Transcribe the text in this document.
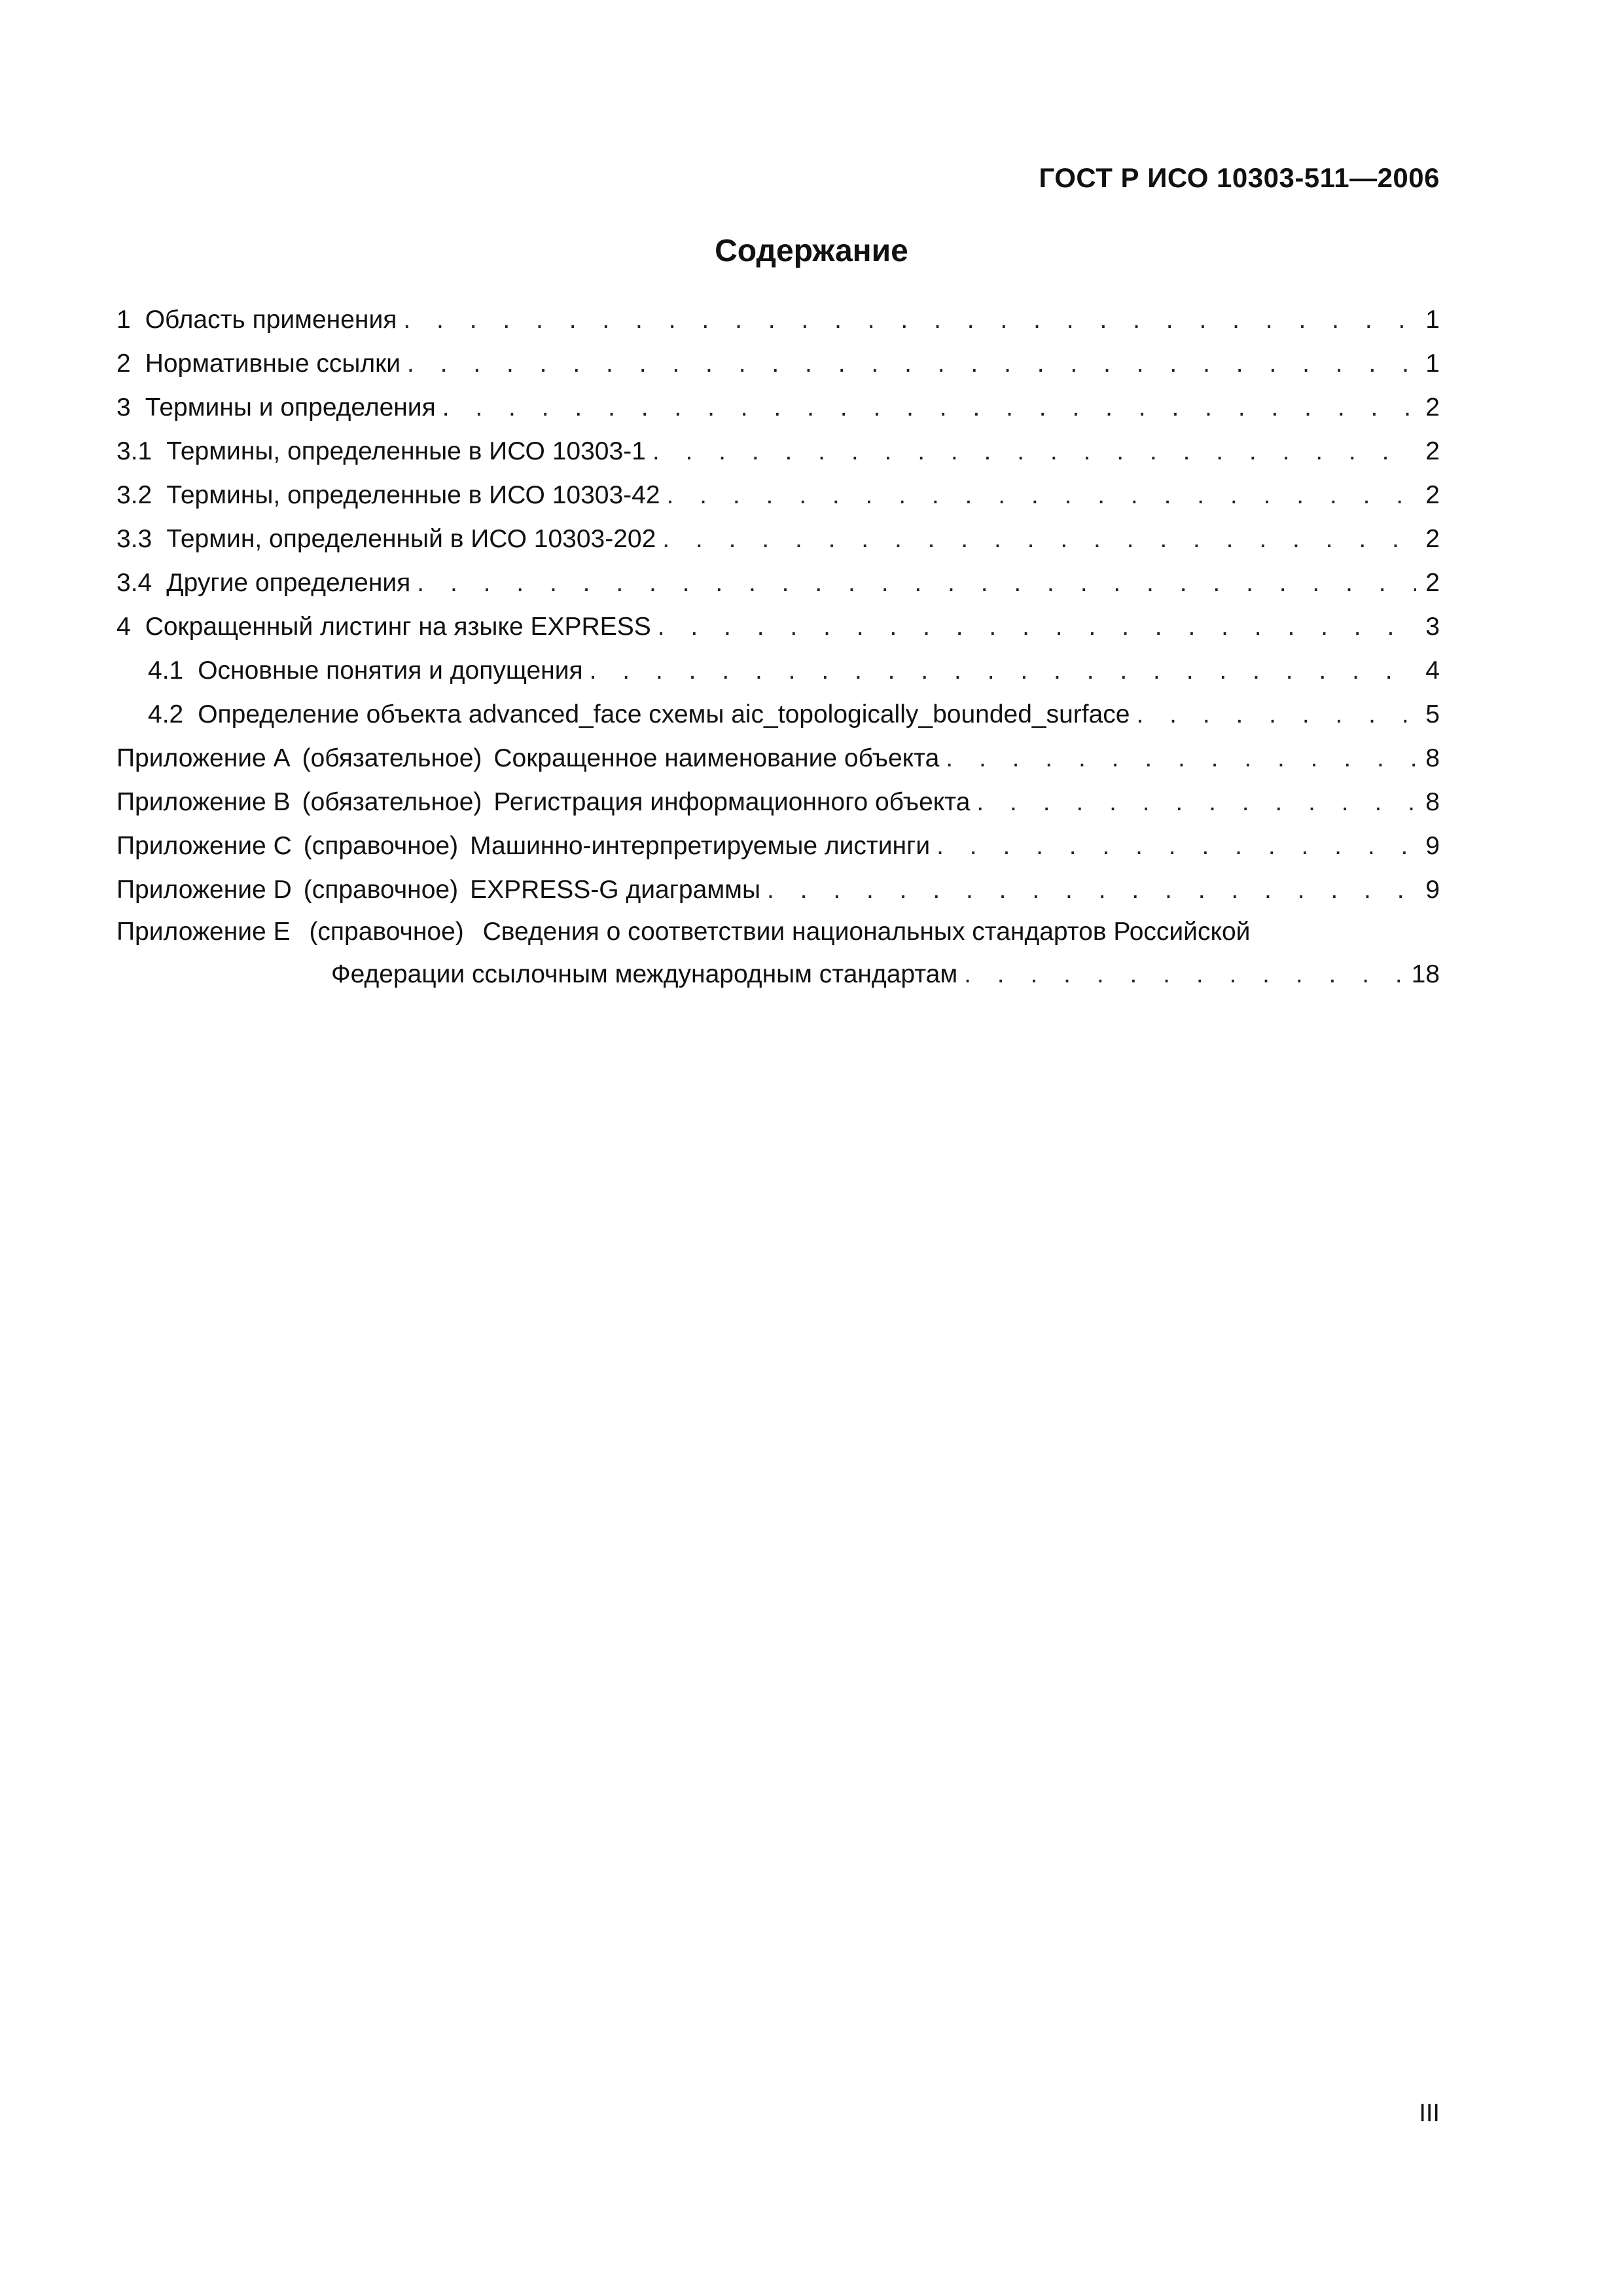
ГОСТ Р ИСО 10303-511—2006
Содержание
1 Область применения . . .	1
2 Нормативные ссылки . . .	1
3 Термины и определения . . .	2
3.1 Термины, определенные в ИСО 10303-1 . . .	2
3.2 Термины, определенные в ИСО 10303-42 . . .	2
3.3 Термин, определенный в ИСО 10303-202 . . .	2
3.4 Другие определения . . .	2
4 Сокращенный листинг на языке EXPRESS . . .	3
4.1 Основные понятия и допущения . . .	4
4.2 Определение объекта advanced_face схемы aic_topologically_bounded_surface . . .	5
Приложение A (обязательное) Сокращенное наименование объекта . . .	8
Приложение B (обязательное) Регистрация информационного объекта . . .	8
Приложение C (справочное) Машинно-интерпретируемые листинги . . .	9
Приложение D (справочное) EXPRESS-G диаграммы . . .	9
Приложение E (справочное) Сведения о соответствии национальных стандартов Российской
Федерации ссылочным международным стандартам . . .	18
III
